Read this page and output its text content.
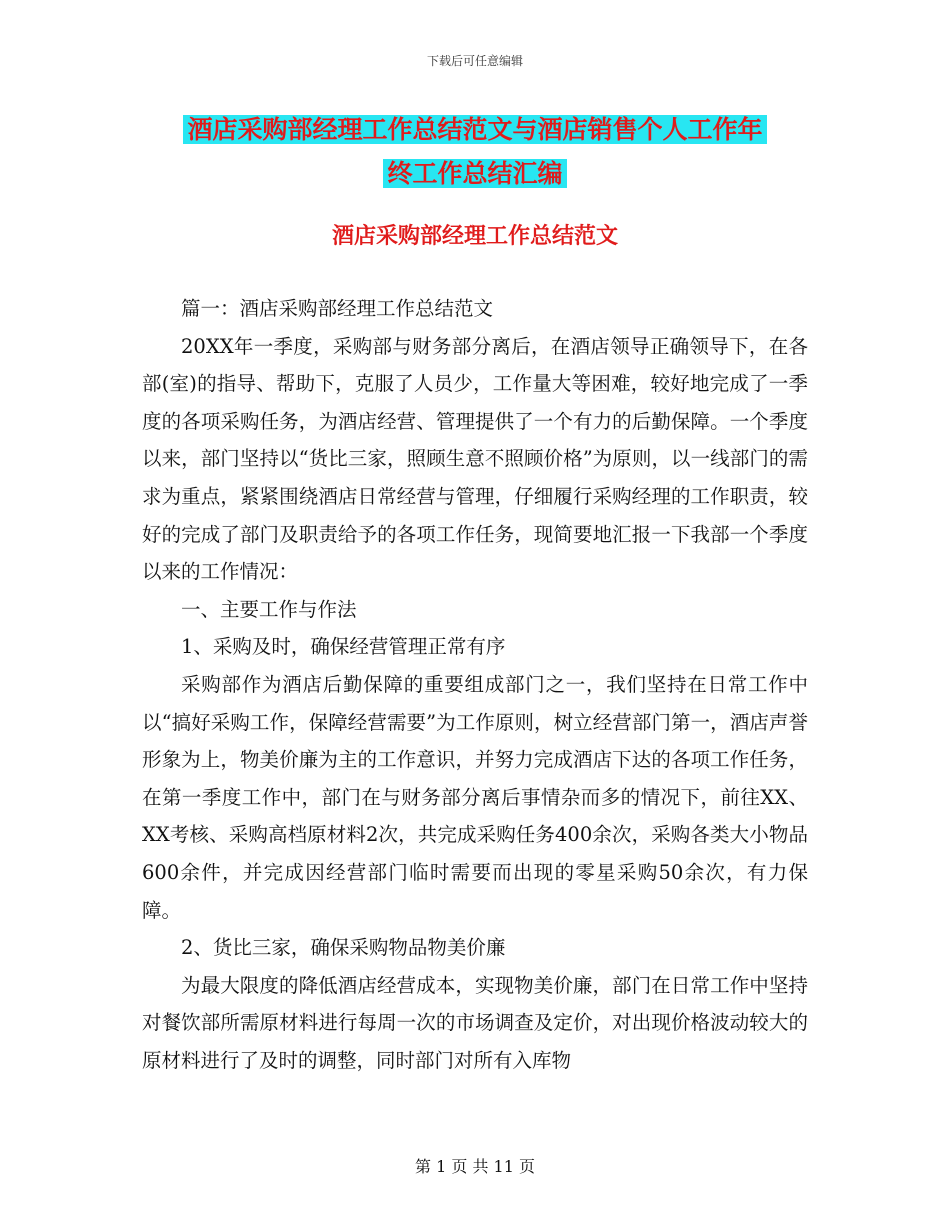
下载后可任意编辑
酒店采购部经理工作总结范文与酒店销售个人工作年
终工作总结汇编
酒店采购部经理工作总结范文

篇一：酒店采购部经理工作总结范文

20XX年一季度，采购部与财务部分离后，在酒店领导正确领导下，在各部(室)的指导、帮助下，克服了人员少，工作量大等困难，较好地完成了一季度的各项采购任务，为酒店经营、管理提供了一个有力的后勤保障。一个季度以来，部门坚持以“货比三家，照顾生意不照顾价格”为原则，以一线部门的需求为重点，紧紧围绕酒店日常经营与管理，仔细履行采购经理的工作职责，较好的完成了部门及职责给予的各项工作任务，现简要地汇报一下我部一个季度以来的工作情况：

一、主要工作与作法

1、采购及时，确保经营管理正常有序

采购部作为酒店后勤保障的重要组成部门之一，我们坚持在日常工作中以“搞好采购工作，保障经营需要”为工作原则，树立经营部门第一，酒店声誉形象为上，物美价廉为主的工作意识，并努力完成酒店下达的各项工作任务，在第一季度工作中，部门在与财务部分离后事情杂而多的情况下，前往XX、XX考核、采购高档原材料2次，共完成采购任务400余次，采购各类大小物品600余件，并完成因经营部门临时需要而出现的零星采购50余次，有力保障。

2、货比三家，确保采购物品物美价廉

为最大限度的降低酒店经营成本，实现物美价廉，部门在日常工作中坚持对餐饮部所需原材料进行每周一次的市场调查及定价，对出现价格波动较大的原材料进行了及时的调整，同时部门对所有入库物

第 1 页 共 11 页
